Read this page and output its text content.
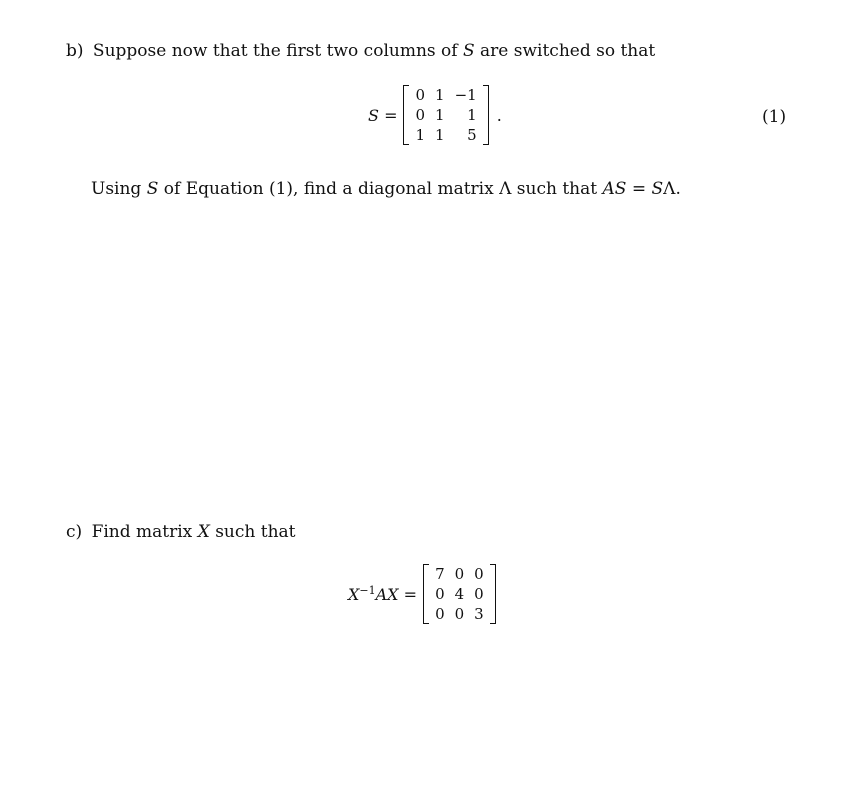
b) Suppose now that the first two columns of S are switched so that
S =
0	1	−1
0	1	1
1	1	5
.	(1)
Using S of Equation (1), find a diagonal matrix Λ such that AS = SΛ.
c) Find matrix X such that
$X^{-1}AX$ =
7	0	0
0	4	0
0	0	3
